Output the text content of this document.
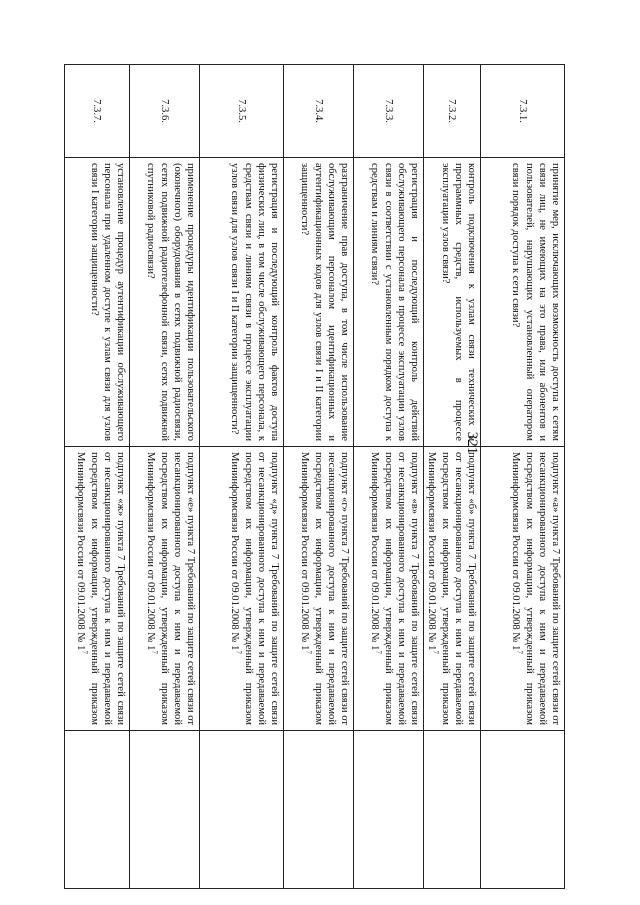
321
7.3.1.	принятие мер, исключающих возможность доступа к сетям связи лиц, не имеющих на это права, или абонентов и пользователей, нарушающих установленный оператором связи порядок доступа к сети связи?	подпункт «а» пункта 7 Требований по защите сетей связи от несанкционированного доступа к ним и передаваемой посредством их информации, утвержденный приказом Мининформсвязи России от 09.01.2008 № $1^7$	
7.3.2.	контроль подключения к узлам связи технических и программных средств, используемых в процессе эксплуатации узлов связи?	подпункт «б» пункта 7 Требований по защите сетей связи от несанкционированного доступа к ним и передаваемой посредством их информации, утвержденный приказом Мининформсвязи России от 09.01.2008 № $1^7$	
7.3.3.	регистрация и последующий контроль действий обслуживающего персонала в процессе эксплуатации узлов связи в соответствии с установленным порядком доступа к средствам и линиям связи?	подпункт «в» пункта 7 Требований по защите сетей связи от несанкционированного доступа к ним и передаваемой посредством их информации, утвержденный приказом Мининформсвязи России от 09.01.2008 № $1^7$	
7.3.4.	разграничение прав доступа, в том числе использование обслуживающим персоналом идентификационных и аутентификационных кодов для узлов связи I и II категории защищенности?	подпункт «г» пункта 7 Требований по защите сетей связи от несанкционированного доступа к ним и передаваемой посредством их информации, утвержденный приказом Мининформсвязи России от 09.01.2008 № $1^7$	
7.3.5.	регистрация и последующий контроль фактов доступа физических лиц, в том числе обслуживающего персонала, к средствам связи и линиям связи в процессе эксплуатации узлов связи для узлов связи I и II категории защищенности?	подпункт «д» пункта 7 Требований по защите сетей связи от несанкционированного доступа к ним и передаваемой посредством их информации, утвержденный приказом Мининформсвязи России от 09.01.2008 № $1^7$	
7.3.6.	применение процедуры идентификации пользовательского (оконечного) оборудования в сетях подвижной радиосвязи, сетях подвижной радиотелефонной связи, сетях подвижной спутниковой радиосвязи?	подпункт «е» пункта 7 Требований по защите сетей связи от несанкционированного доступа к ним и передаваемой посредством их информации, утвержденный приказом Мининформсвязи России от 09.01.2008 № $1^7$	
7.3.7.	установление процедур аутентификации обслуживающего персонала при удаленном доступе к узлам связи для узлов связи I категории защищенности?	подпункт «ж» пункта 7 Требований по защите сетей связи от несанкционированного доступа к ним и передаваемой посредством их информации, утвержденный приказом Мининформсвязи России от 09.01.2008 № $1^7$	
